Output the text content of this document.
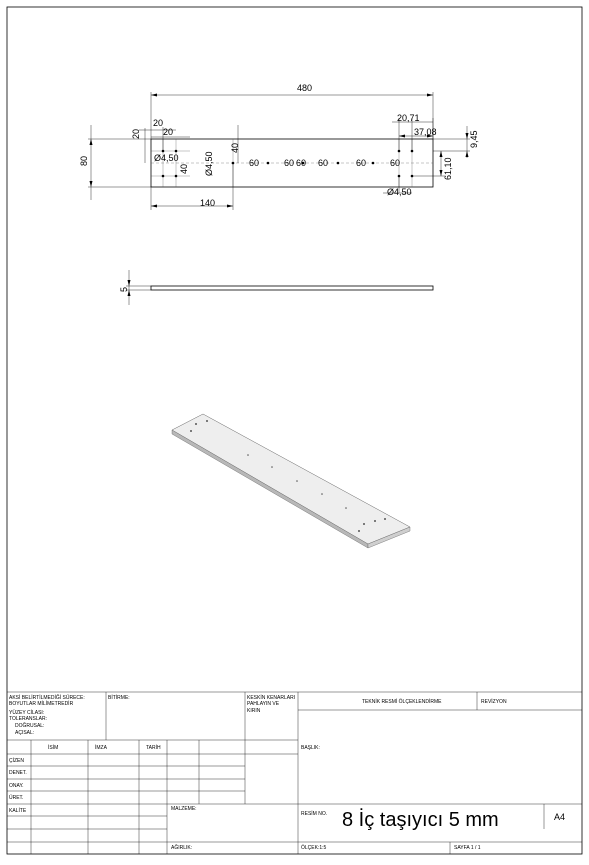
480
20
20
20
20,71
37,08	9,45
80	Ø4,50	Ø4,50
Ø4,50
40
40
60	60 60 60	60	60	61,10
140
5
AKSİ BELİRTİLMEDİĞİ SÜRECE:
BOYUTLAR MİLİMETREDİR
YÜZEY CİLASI:
TOLERANSLAR:
DOĞRUSAL:
AÇISAL:
BİTİRME:	KESKİN KENARLARI
PAHLAYIN VE
KIRIN
TEKNİK RESMİ ÖLÇEKLENDİRME	REVİZYON
İSİM	İMZA	TARİH
ÇİZEN
DENET.
ONAY.
ÜRET.
KALİTE
BAŞLIK:
MALZEME:
RESİM NO. 8 İç taşıyıcı 5 mm	A4
AĞIRLIK:	ÖLÇEK:1:5	SAYFA 1 / 1
